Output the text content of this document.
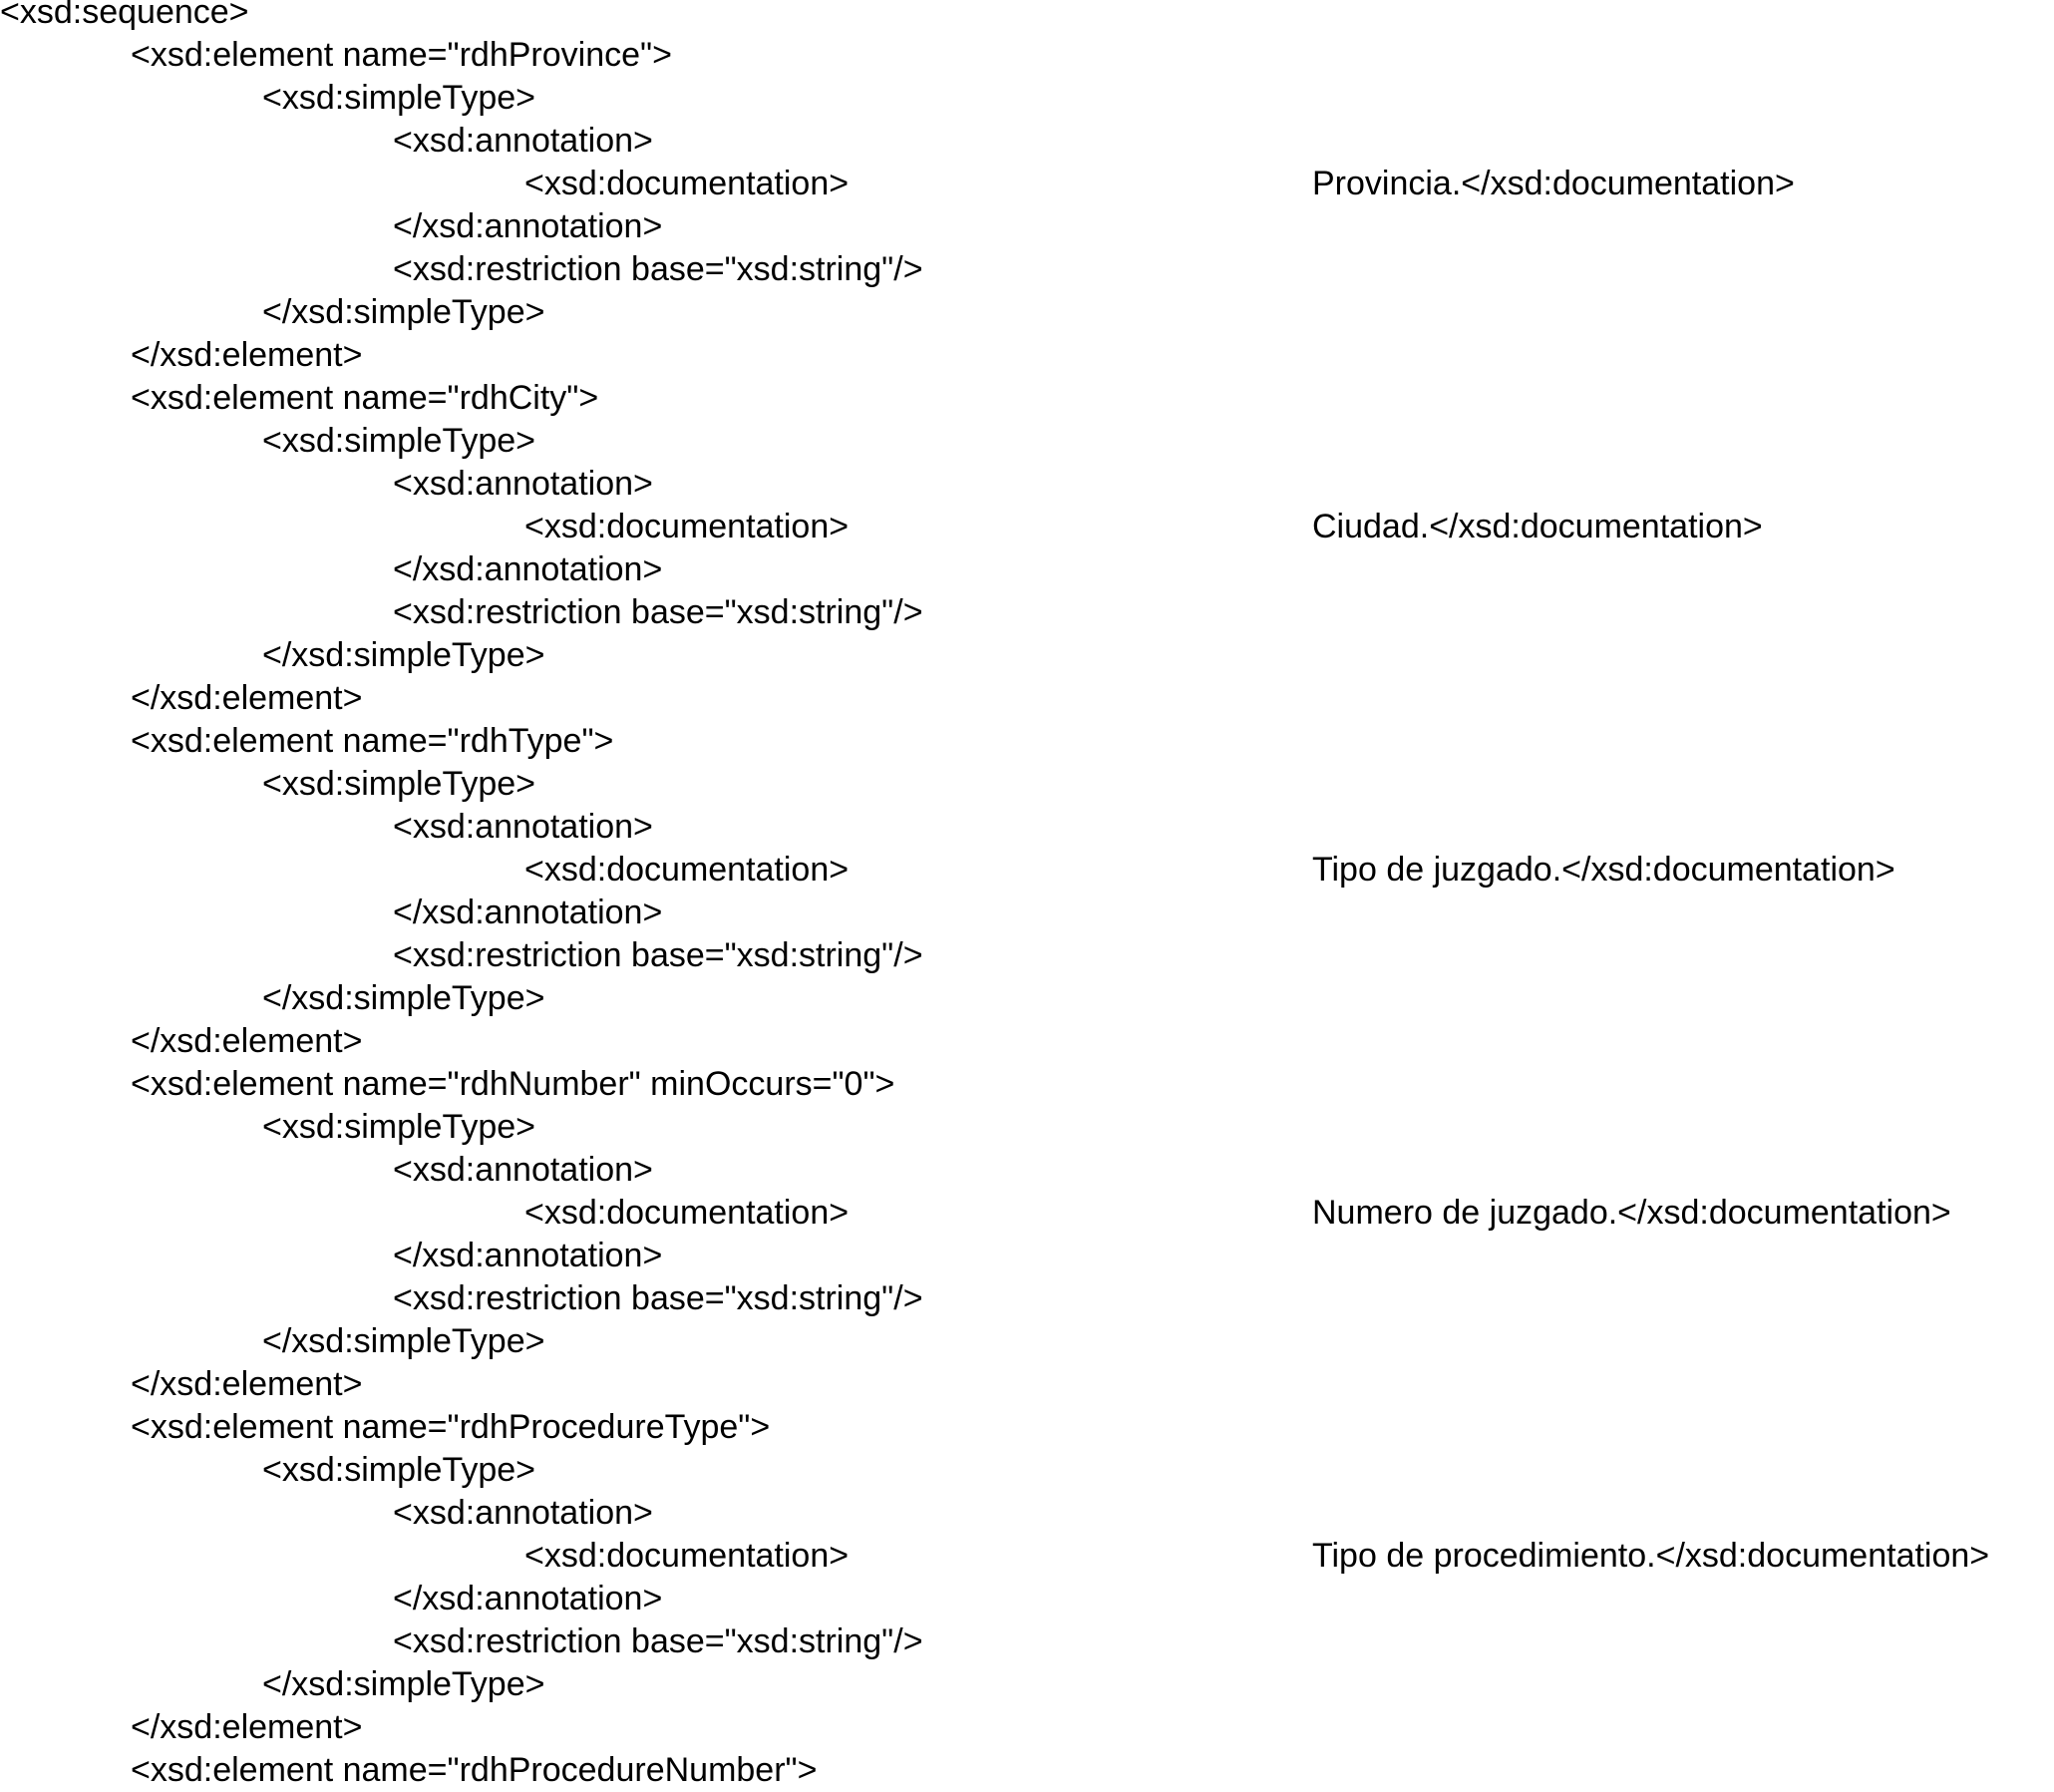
<xsd:sequence>
<xsd:element name="rdhProvince">
<xsd:simpleType>
<xsd:annotation>
<xsd:documentation>	Provincia.</xsd:documentation>
</xsd:annotation>
<xsd:restriction base="xsd:string"/>
</xsd:simpleType>
</xsd:element>
<xsd:element name="rdhCity">
<xsd:simpleType>
<xsd:annotation>
<xsd:documentation>	Ciudad.</xsd:documentation>
</xsd:annotation>
<xsd:restriction base="xsd:string"/>
</xsd:simpleType>
</xsd:element>
<xsd:element name="rdhType">
<xsd:simpleType>
<xsd:annotation>
<xsd:documentation>	Tipo de juzgado.</xsd:documentation>
</xsd:annotation>
<xsd:restriction base="xsd:string"/>
</xsd:simpleType>
</xsd:element>
<xsd:element name="rdhNumber" minOccurs="0">
<xsd:simpleType>
<xsd:annotation>
<xsd:documentation>	Numero de juzgado.</xsd:documentation>
</xsd:annotation>
<xsd:restriction base="xsd:string"/>
</xsd:simpleType>
</xsd:element>
<xsd:element name="rdhProcedureType">
<xsd:simpleType>
<xsd:annotation>
<xsd:documentation>	Tipo de procedimiento.</xsd:documentation>
</xsd:annotation>
<xsd:restriction base="xsd:string"/>
</xsd:simpleType>
</xsd:element>
<xsd:element name="rdhProcedureNumber">
